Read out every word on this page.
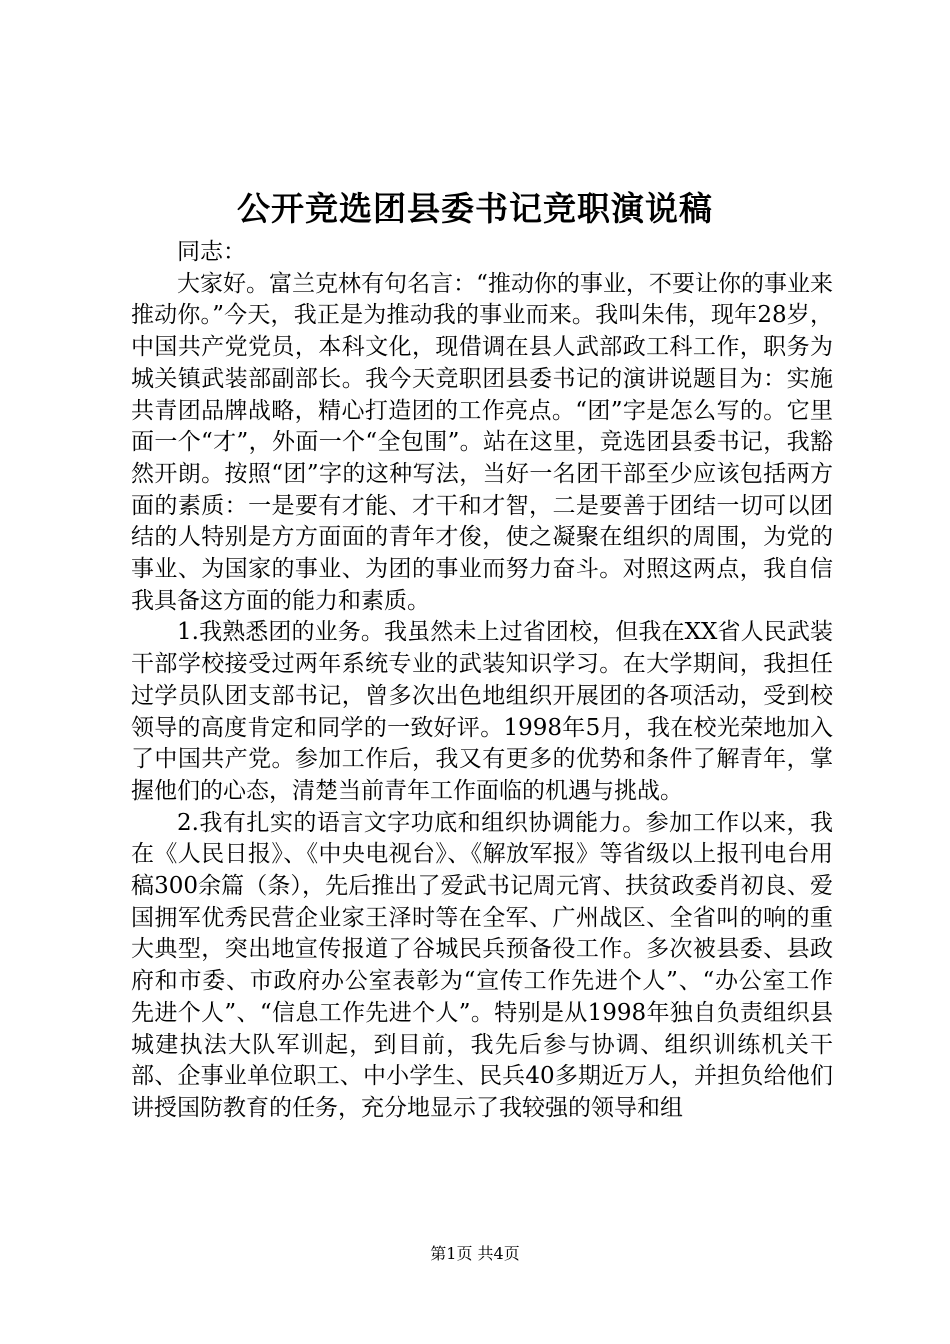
公开竞选团县委书记竞职演说稿

同志：

大家好。富兰克林有句名言：“推动你的事业，不要让你的事业来推动你。”今天，我正是为推动我的事业而来。我叫朱伟，现年28岁，中国共产党党员，本科文化，现借调在县人武部政工科工作，职务为城关镇武装部副部长。我今天竞职团县委书记的演讲说题目为：实施共青团品牌战略，精心打造团的工作亮点。“团”字是怎么写的。它里面一个“才”，外面一个“全包围”。站在这里，竞选团县委书记，我豁然开朗。按照“团”字的这种写法，当好一名团干部至少应该包括两方面的素质：一是要有才能、才干和才智，二是要善于团结一切可以团结的人特别是方方面面的青年才俊，使之凝聚在组织的周围，为党的事业、为国家的事业、为团的事业而努力奋斗。对照这两点，我自信我具备这方面的能力和素质。

1.我熟悉团的业务。我虽然未上过省团校，但我在XX省人民武装干部学校接受过两年系统专业的武装知识学习。在大学期间，我担任过学员队团支部书记，曾多次出色地组织开展团的各项活动，受到校领导的高度肯定和同学的一致好评。1998年5月，我在校光荣地加入了中国共产党。参加工作后，我又有更多的优势和条件了解青年，掌握他们的心态，清楚当前青年工作面临的机遇与挑战。

2.我有扎实的语言文字功底和组织协调能力。参加工作以来，我在《人民日报》、《中央电视台》、《解放军报》等省级以上报刊电台用稿300余篇（条），先后推出了爱武书记周元宵、扶贫政委肖初良、爱国拥军优秀民营企业家王泽时等在全军、广州战区、全省叫的响的重大典型，突出地宣传报道了谷城民兵预备役工作。多次被县委、县政府和市委、市政府办公室表彰为“宣传工作先进个人”、“办公室工作先进个人”、“信息工作先进个人”。特别是从1998年独自负责组织县城建执法大队军训起，到目前，我先后参与协调、组织训练机关干部、企事业单位职工、中小学生、民兵40多期近万人，并担负给他们讲授国防教育的任务，充分地显示了我较强的领导和组

第1页 共4页
